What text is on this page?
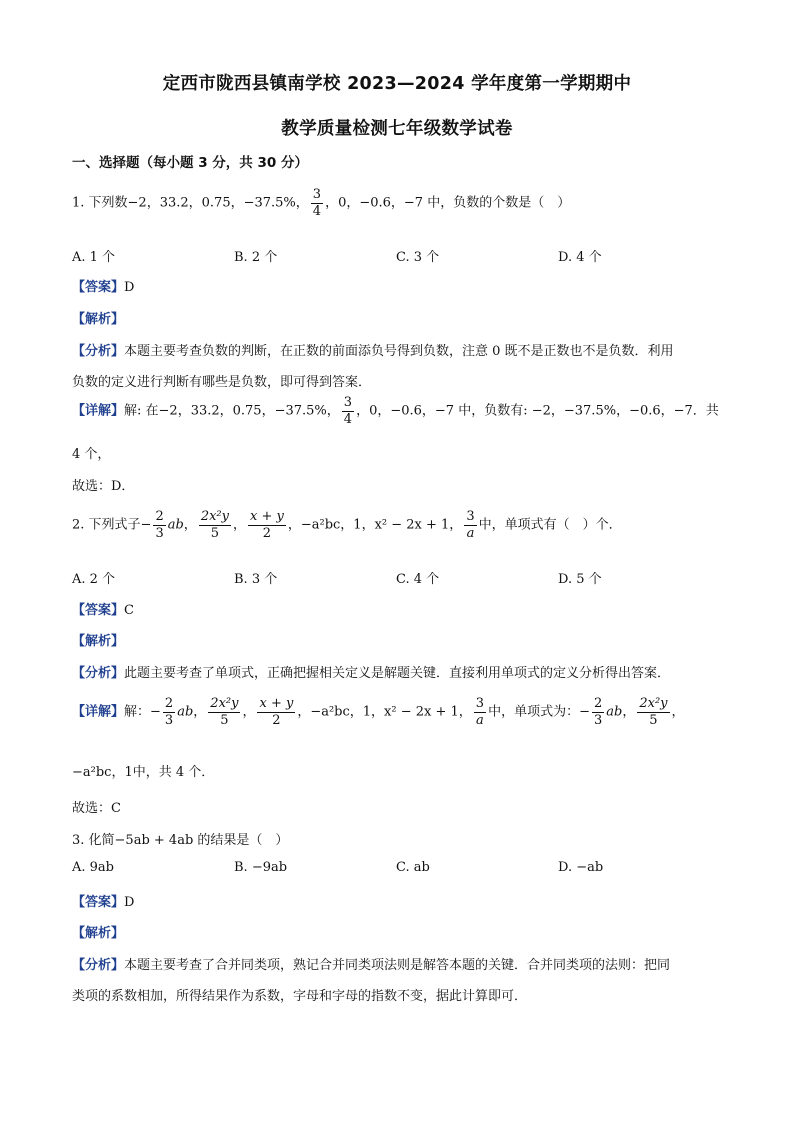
定西市陇西县镇南学校 2023—2024 学年度第一学期期中
教学质量检测七年级数学试卷
一、选择题（每小题 3 分，共 30 分）
1. 下列数−2，33.2，0.75，−37.5%， $\frac{3}{4}$ ，0，−0.6，−7 中，负数的个数是（　）
A. 1 个	B. 2 个	C. 3 个	D. 4 个
【答案】D
【解析】
【分析】本题主要考查负数的判断，在正数的前面添负号得到负数，注意 0 既不是正数也不是负数．利用
负数的定义进行判断有哪些是负数，即可得到答案．
【详解】解: 在−2，33.2，0.75，−37.5%， $\frac{3}{4}$ ，0，−0.6，−7 中，负数有: −2，−37.5%，−0.6，−7．共
4 个，
故选：D．
2. 下列式子− $\frac{2}{3}$ ab， $\frac{\text{2x²y}}{5}$ ， $\frac{x + y}{2}$ ，−a²bc，1，x² − 2x + 1， $\frac{3}{a}$ 中，单项式有（　）个．
A. 2 个	B. 3 个	C. 4 个	D. 5 个
【答案】C
【解析】
【分析】此题主要考查了单项式，正确把握相关定义是解题关键．直接利用单项式的定义分析得出答案．
【详解】解：− $\frac{2}{3}$ ab， $\frac{\text{2x²y}}{5}$ ， $\frac{x + y}{2}$ ，−a²bc，1，x² − 2x + 1， $\frac{3}{a}$ 中，单项式为：− $\frac{2}{3}$ ab， $\frac{\text{2x²y}}{5}$ ，
−a²bc，1中，共 4 个．
故选：C
3. 化简−5ab + 4ab 的结果是（　）
A. 9ab	B. −9ab	C. ab	D. −ab
【答案】D
【解析】
【分析】本题主要考查了合并同类项，熟记合并同类项法则是解答本题的关键．合并同类项的法则：把同
类项的系数相加，所得结果作为系数，字母和字母的指数不变，据此计算即可．
